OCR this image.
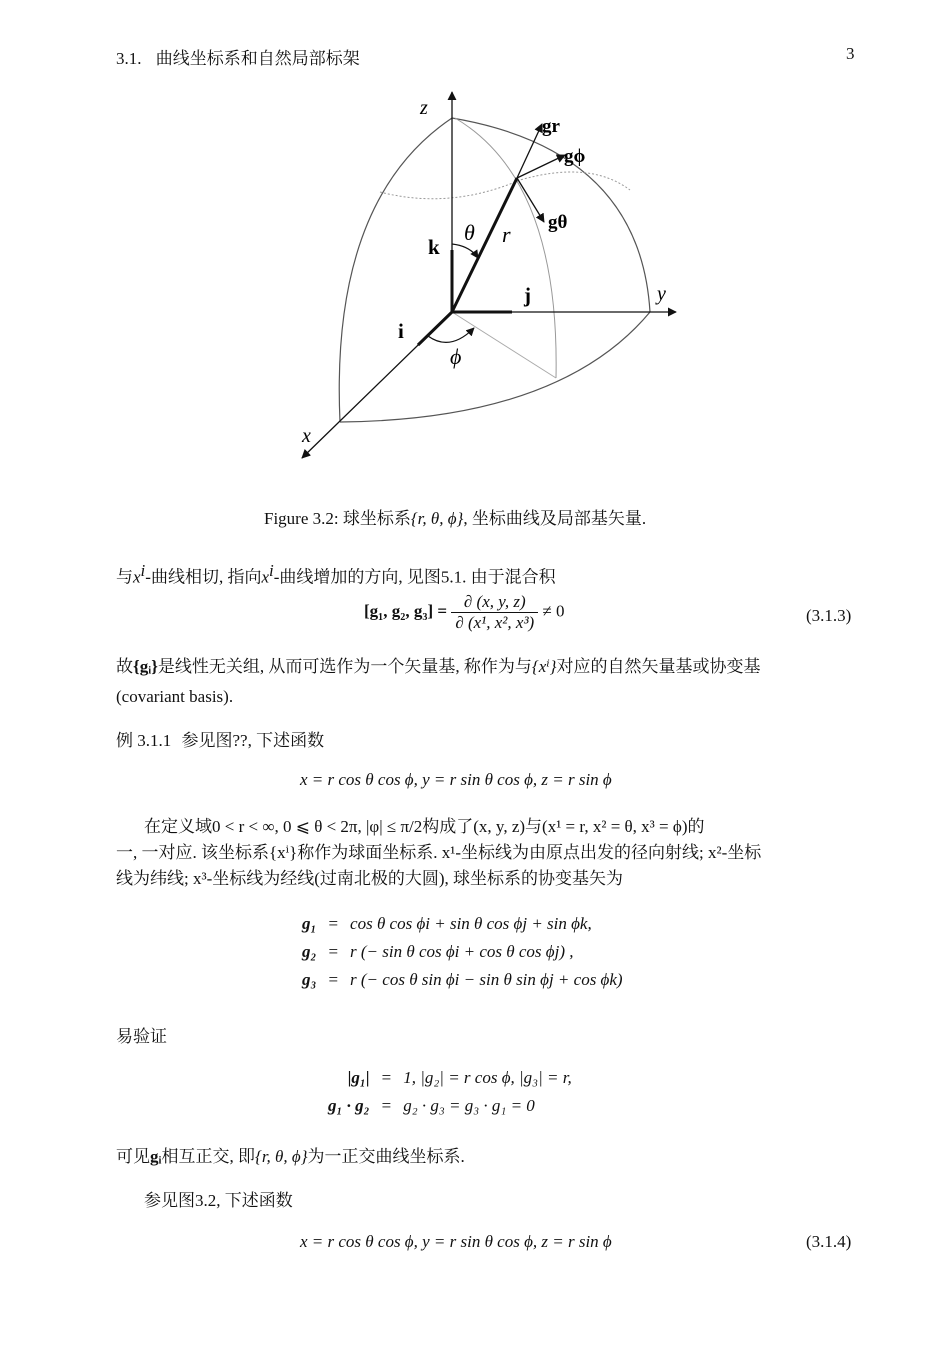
3.1. 曲线坐标系和自然局部标架	3
z
y
x
gr
gϕ
gθ
θ r
ϕ
k
j
i
Figure 3.2: 球坐标系{r, θ, ϕ}, 坐标曲线及局部基矢量.
与$x^i-$曲线相切, 指向$x^i-$曲线增加的方向, 见图5.1. 由于混合积
[g₁, g₂, $g_3] = \frac{\partial (x, y, z)}{\text{∂ (x¹, x², x³)}} \ne 0$	(3.1.3)
故{gᵢ}是线性无关组, 从而可选作为一个矢量基, 称作为与{xⁱ}对应的自然矢量基或协变基
(covariant basis).
例 3.1.1 参见图??, 下述函数
x = r cos θ cos ϕ, y = r sin θ cos ϕ, z = r sin ϕ
在定义域0 < r < ∞, 0 ⩽ θ < 2π, |φ| ≤ π/2构成了(x, y, z)与(x¹ = r, x² = θ, x³ = ϕ)的
一, 一对应. 该坐标系{xⁱ}称作为球面坐标系. x¹-坐标线为由原点出发的径向射线; x²-坐标
线为纬线; x³-坐标线为经线(过南北极的大圆), 球坐标系的协变基矢为
g₁	=	cos θ cos ϕi + sin θ cos ϕj + sin ϕk,
g₂	=	r (− sin θ cos ϕi + cos θ cos ϕj) ,
g₃	=	r (− cos θ sin ϕi − sin θ sin ϕj + cos ϕk)
易验证
|g₁|	=	1, |g₂| = r cos ϕ, |g₃| = r,
g₁ · g₂	=	g₂ · g₃ = g₃ · g₁ = 0
可见gᵢ相互正交, 即{r, θ, ϕ}为一正交曲线坐标系.
参见图3.2, 下述函数
x = r cos θ cos ϕ, y = r sin θ cos ϕ, z = r sin ϕ	(3.1.4)
